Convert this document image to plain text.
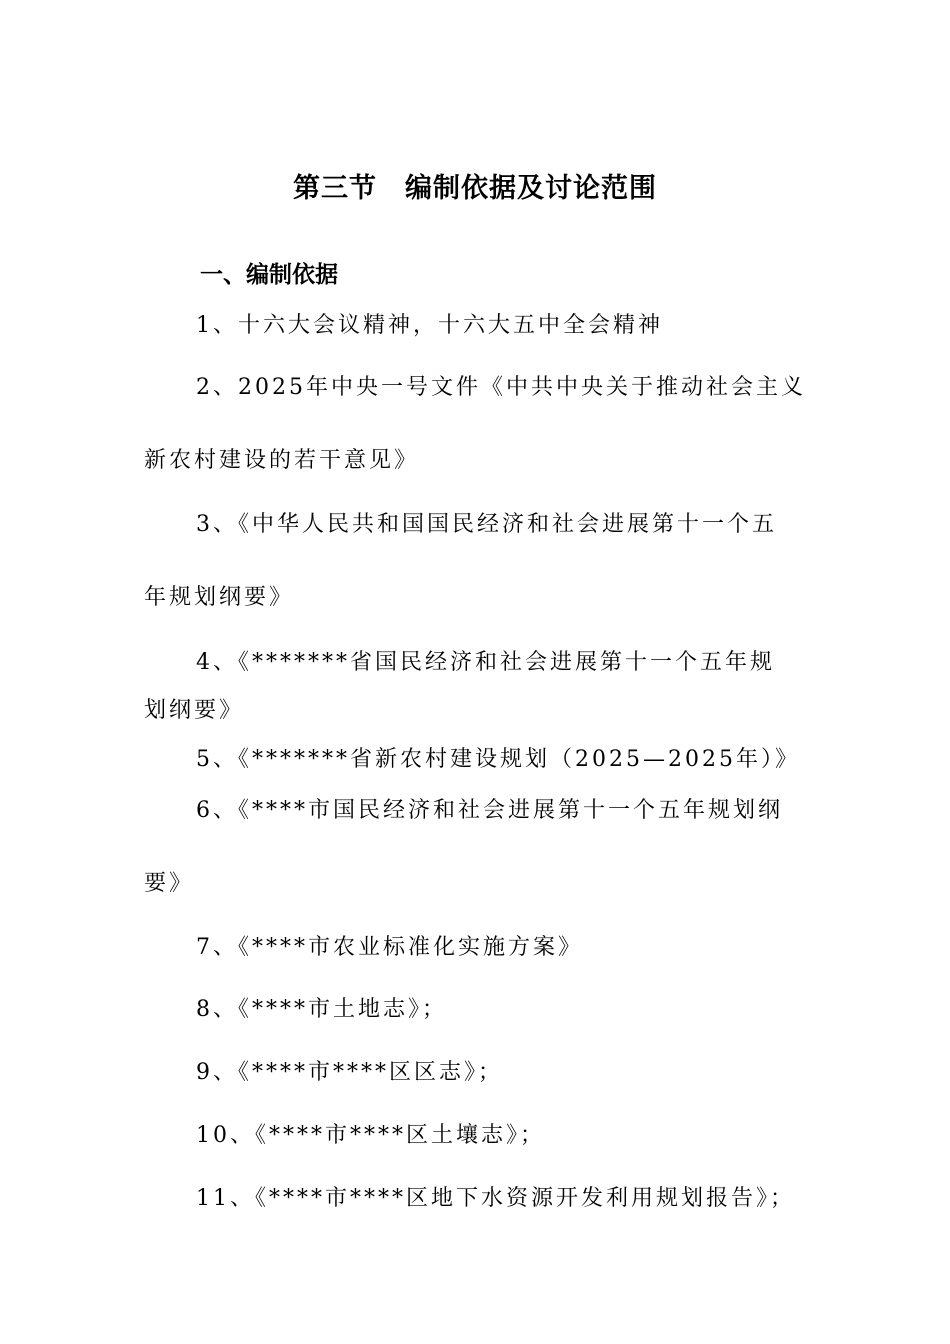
第三节　编制依据及讨论范围
一、编制依据
1、十六大会议精神，十六大五中全会精神
2、2025年中央一号文件《中共中央关于推动社会主义
新农村建设的若干意见》
3、《中华人民共和国国民经济和社会进展第十一个五
年规划纲要》
4、《*******省国民经济和社会进展第十一个五年规
划纲要》
5、《*******省新农村建设规划（2025—2025年）》
6、《****市国民经济和社会进展第十一个五年规划纲
要》
7、《****市农业标准化实施方案》
8、《****市土地志》；
9、《****市****区区志》；
10、《****市****区土壤志》；
11、《****市****区地下水资源开发利用规划报告》；
